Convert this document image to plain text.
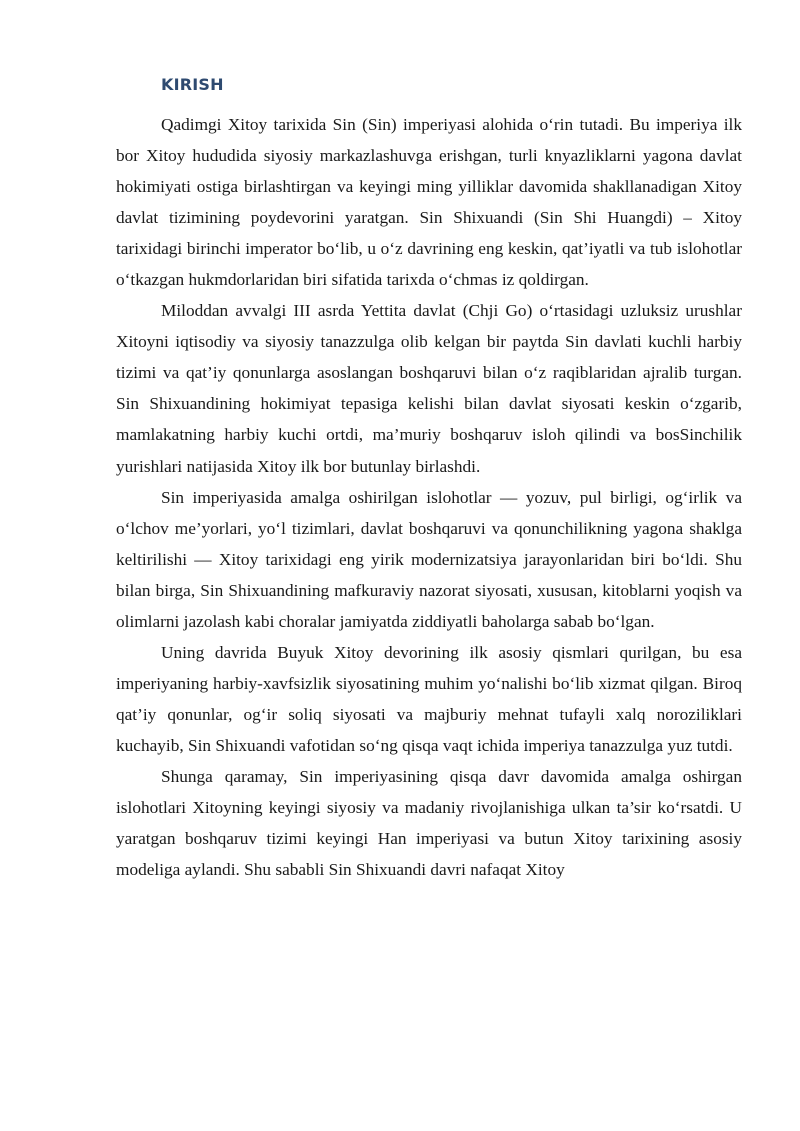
KIRISH

Qadimgi Xitoy tarixida Sin (Sin) imperiyasi alohida o‘rin tutadi. Bu imperiya ilk bor Xitoy hududida siyosiy markazlashuvga erishgan, turli knyazliklarni yagona davlat hokimiyati ostiga birlashtirgan va keyingi ming yilliklar davomida shakllanadigan Xitoy davlat tizimining poydevorini yaratgan. Sin Shixuandi (Sin Shi Huangdi) – Xitoy tarixidagi birinchi imperator bo‘lib, u o‘z davrining eng keskin, qat’iyatli va tub islohotlar o‘tkazgan hukmdorlaridan biri sifatida tarixda o‘chmas iz qoldirgan.

Miloddan avvalgi III asrda Yettita davlat (Chji Go) o‘rtasidagi uzluksiz urushlar Xitoyni iqtisodiy va siyosiy tanazzulga olib kelgan bir paytda Sin davlati kuchli harbiy tizimi va qat’iy qonunlarga asoslangan boshqaruvi bilan o‘z raqiblaridan ajralib turgan. Sin Shixuandining hokimiyat tepasiga kelishi bilan davlat siyosati keskin o‘zgarib, mamlakatning harbiy kuchi ortdi, ma’muriy boshqaruv isloh qilindi va bosSinchilik yurishlari natijasida Xitoy ilk bor butunlay birlashdi.

Sin imperiyasida amalga oshirilgan islohotlar — yozuv, pul birligi, og‘irlik va o‘lchov me’yorlari, yo‘l tizimlari, davlat boshqaruvi va qonunchilikning yagona shaklga keltirilishi — Xitoy tarixidagi eng yirik modernizatsiya jarayonlaridan biri bo‘ldi. Shu bilan birga, Sin Shixuandining mafkuraviy nazorat siyosati, xususan, kitoblarni yoqish va olimlarni jazolash kabi choralar jamiyatda ziddiyatli baholarga sabab bo‘lgan.

Uning davrida Buyuk Xitoy devorining ilk asosiy qismlari qurilgan, bu esa imperiyaning harbiy-xavfsizlik siyosatining muhim yo‘nalishi bo‘lib xizmat qilgan. Biroq qat’iy qonunlar, og‘ir soliq siyosati va majburiy mehnat tufayli xalq noroziliklari kuchayib, Sin Shixuandi vafotidan so‘ng qisqa vaqt ichida imperiya tanazzulga yuz tutdi.

Shunga qaramay, Sin imperiyasining qisqa davr davomida amalga oshirgan islohotlari Xitoyning keyingi siyosiy va madaniy rivojlanishiga ulkan ta’sir ko‘rsatdi. U yaratgan boshqaruv tizimi keyingi Han imperiyasi va butun Xitoy tarixining asosiy modeliga aylandi. Shu sababli Sin Shixuandi davri nafaqat Xitoy
